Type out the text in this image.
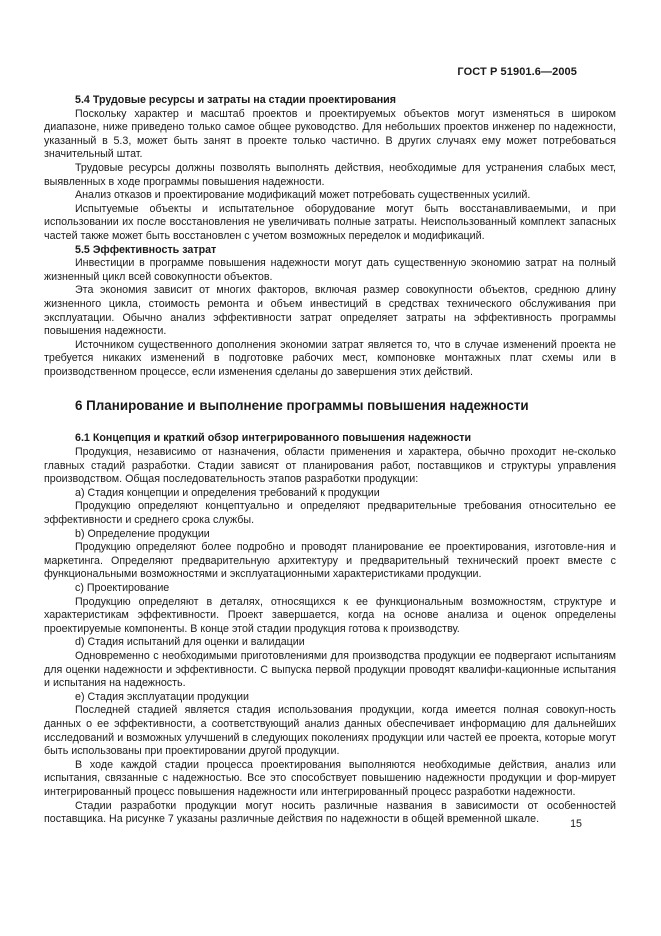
ГОСТ Р 51901.6—2005
5.4 Трудовые ресурсы и затраты на стадии проектирования

Поскольку характер и масштаб проектов и проектируемых объектов могут изменяться в широком диапазоне, ниже приведено только самое общее руководство. Для небольших проектов инженер по надежности, указанный в 5.3, может быть занят в проекте только частично. В других случаях ему может потребоваться значительный штат.

Трудовые ресурсы должны позволять выполнять действия, необходимые для устранения слабых мест, выявленных в ходе программы повышения надежности.

Анализ отказов и проектирование модификаций может потребовать существенных усилий.

Испытуемые объекты и испытательное оборудование могут быть восстанавливаемыми, и при использовании их после восстановления не увеличивать полные затраты. Неиспользованный комплект запасных частей также может быть восстановлен с учетом возможных переделок и модификаций.

5.5 Эффективность затрат

Инвестиции в программе повышения надежности могут дать существенную экономию затрат на полный жизненный цикл всей совокупности объектов.

Эта экономия зависит от многих факторов, включая размер совокупности объектов, среднюю длину жизненного цикла, стоимость ремонта и объем инвестиций в средствах технического обслуживания при эксплуатации. Обычно анализ эффективности затрат определяет затраты на эффективность программы повышения надежности.

Источником существенного дополнения экономии затрат является то, что в случае изменений проекта не требуется никаких изменений в подготовке рабочих мест, компоновке монтажных плат схемы или в производственном процессе, если изменения сделаны до завершения этих действий.

6 Планирование и выполнение программы повышения надежности
6.1 Концепция и краткий обзор интегрированного повышения надежности

Продукция, независимо от назначения, области применения и характера, обычно проходит не-сколько главных стадий разработки. Стадии зависят от планирования работ, поставщиков и структуры управления производством. Общая последовательность этапов разработки продукции:

а) Стадия концепции и определения требований к продукции

Продукцию определяют концептуально и определяют предварительные требования относительно ее эффективности и среднего срока службы.

b) Определение продукции

Продукцию определяют более подробно и проводят планирование ее проектирования, изготовле-ния и маркетинга. Определяют предварительную архитектуру и предварительный технический проект вместе с функциональными возможностями и эксплуатационными характеристиками продукции.

с) Проектирование

Продукцию определяют в деталях, относящихся к ее функциональным возможностям, структуре и характеристикам эффективности. Проект завершается, когда на основе анализа и оценок определены проектируемые компоненты. В конце этой стадии продукция готова к производству.

d) Стадия испытаний для оценки и валидации

Одновременно с необходимыми приготовлениями для производства продукции ее подвергают испытаниям для оценки надежности и эффективности. С выпуска первой продукции проводят квалифи-кационные испытания и испытания на надежность.

е) Стадия эксплуатации продукции

Последней стадией является стадия использования продукции, когда имеется полная совокуп-ность данных о ее эффективности, а соответствующий анализ данных обеспечивает информацию для дальнейших исследований и возможных улучшений в следующих поколениях продукции или частей ее проекта, которые могут быть использованы при проектировании другой продукции.

В ходе каждой стадии процесса проектирования выполняются необходимые действия, анализ или испытания, связанные с надежностью. Все это способствует повышению надежности продукции и фор-мирует интегрированный процесс повышения надежности или интегрированный процесс разработки надежности.

Стадии разработки продукции могут носить различные названия в зависимости от особенностей поставщика. На рисунке 7 указаны различные действия по надежности в общей временной шкале.	15
